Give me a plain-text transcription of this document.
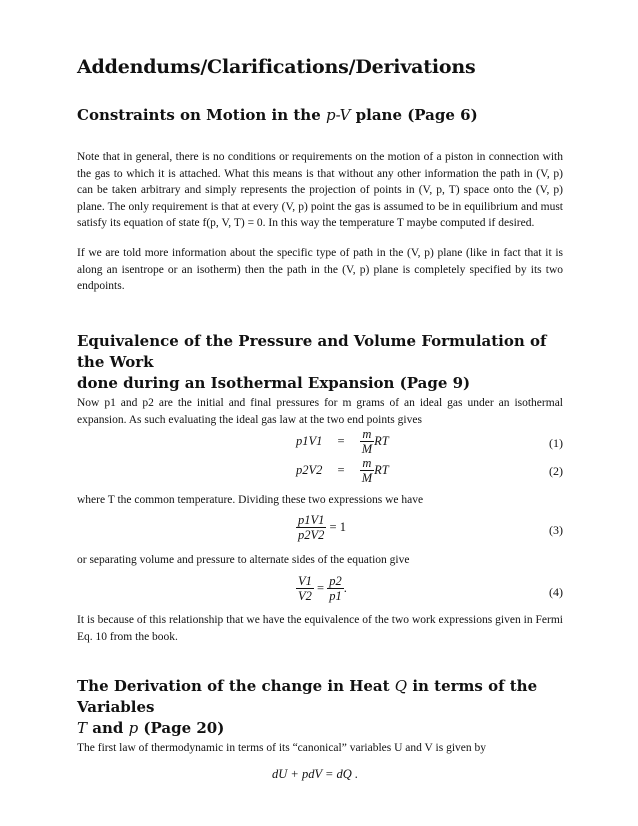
Addendums/Clarifications/Derivations
Constraints on Motion in the p-V plane (Page 6)
Note that in general, there is no conditions or requirements on the motion of a piston in connection with the gas to which it is attached. What this means is that without any other information the path in (V, p) can be taken arbitrary and simply represents the projection of points in (V, p, T) space onto the (V, p) plane. The only requirement is that at every (V, p) point the gas is assumed to be in equilibrium and must satisfy its equation of state f(p, V, T) = 0. In this way the temperature T maybe computed if desired.
If we are told more information about the specific type of path in the (V, p) plane (like in fact that it is along an isentrope or an isotherm) then the path in the (V, p) plane is completely specified by its two endpoints.
Equivalence of the Pressure and Volume Formulation of the Work
done during an Isothermal Expansion (Page 9)
Now p1 and p2 are the initial and final pressures for m grams of an ideal gas under an isothermal expansion. As such evaluating the ideal gas law at the two end points gives
$p1V1 = \frac{m}{M}$ RT	(1)
$p2V2 = \frac{m}{M}$ RT	(2)
where T the common temperature. Dividing these two expressions we have
$\frac{p1V1}{p2V2} = 1$	(3)
or separating volume and pressure to alternate sides of the equation give
$\frac{V1}{V2} = \frac{p2}{p1}$ .	(4)
It is because of this relationship that we have the equivalence of the two work expressions given in Fermi Eq. 10 from the book.
The Derivation of the change in Heat Q in terms of the Variables
T and p (Page 20)
The first law of thermodynamic in terms of its “canonical” variables U and V is given by
dU + pdV = dQ .
